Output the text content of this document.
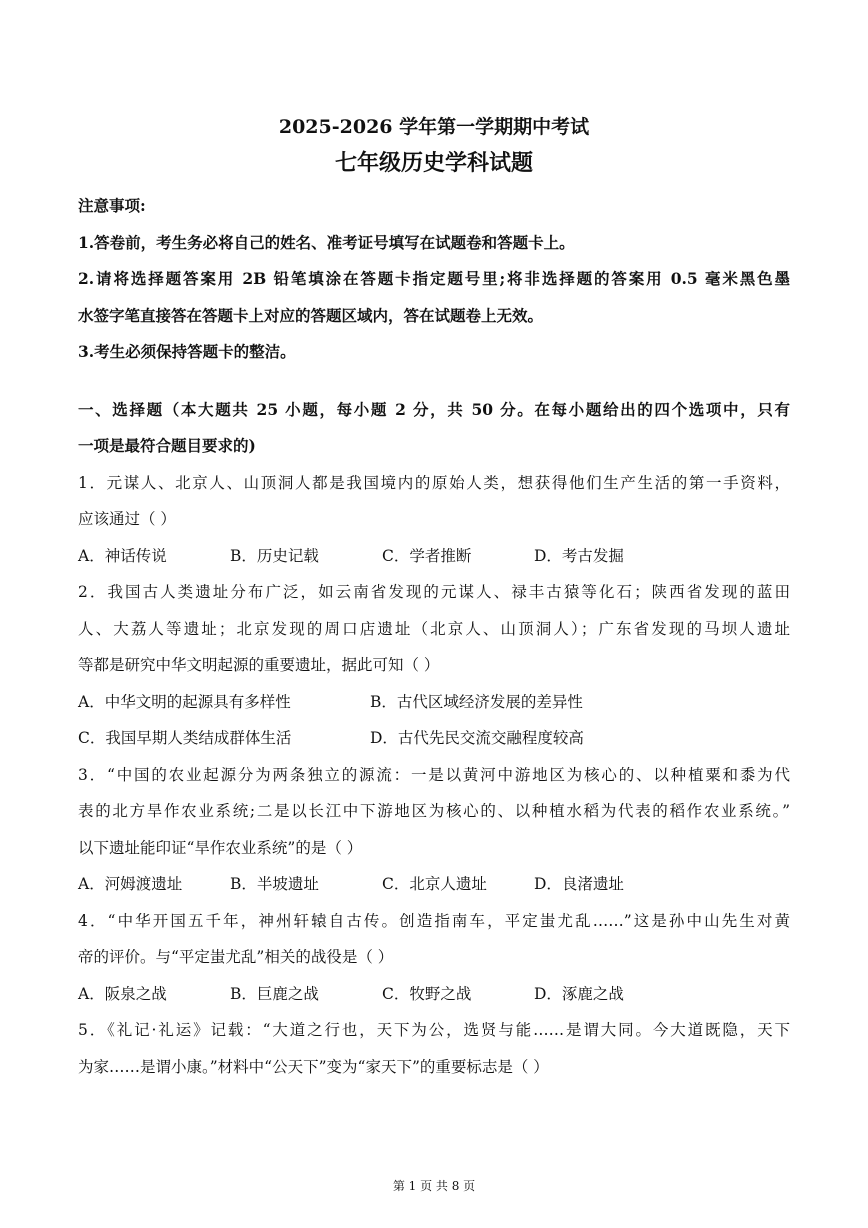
2025-2026 学年第一学期期中考试
七年级历史学科试题
注意事项:
1.答卷前，考生务必将自己的姓名、准考证号填写在试题卷和答题卡上。
2.请将选择题答案用 2B 铅笔填涂在答题卡指定题号里;将非选择题的答案用 0.5 毫米黑色墨
水签字笔直接答在答题卡上对应的答题区域内，答在试题卷上无效。
3.考生必须保持答题卡的整洁。
一、选择题（本大题共 25 小题，每小题 2 分，共 50 分。在每小题给出的四个选项中，只有
一项是最符合题目要求的)
1．元谋人、北京人、山顶洞人都是我国境内的原始人类，想获得他们生产生活的第一手资料，
应该通过（ ）
A．神话传说	B．历史记载	C．学者推断	D．考古发掘
2．我国古人类遗址分布广泛，如云南省发现的元谋人、禄丰古猿等化石；陕西省发现的蓝田
人、大荔人等遗址；北京发现的周口店遗址（北京人、山顶洞人）；广东省发现的马坝人遗址
等都是研究中华文明起源的重要遗址，据此可知（ ）
A．中华文明的起源具有多样性	B．古代区域经济发展的差异性
C．我国早期人类结成群体生活	D．古代先民交流交融程度较高
3．“中国的农业起源分为两条独立的源流：一是以黄河中游地区为核心的、以种植粟和黍为代
表的北方旱作农业系统;二是以长江中下游地区为核心的、以种植水稻为代表的稻作农业系统。”
以下遗址能印证“旱作农业系统”的是（ ）
A．河姆渡遗址	B．半坡遗址	C．北京人遗址	D．良渚遗址
4．“中华开国五千年，神州轩辕自古传。创造指南车，平定蚩尤乱……”这是孙中山先生对黄
帝的评价。与“平定蚩尤乱”相关的战役是（ ）
A．阪泉之战	B．巨鹿之战	C．牧野之战	D．涿鹿之战
5．《礼记·礼运》记载：“大道之行也，天下为公，选贤与能……是谓大同。今大道既隐，天下
为家……是谓小康。”材料中“公天下”变为“家天下”的重要标志是（ ）
第 1 页 共 8 页
